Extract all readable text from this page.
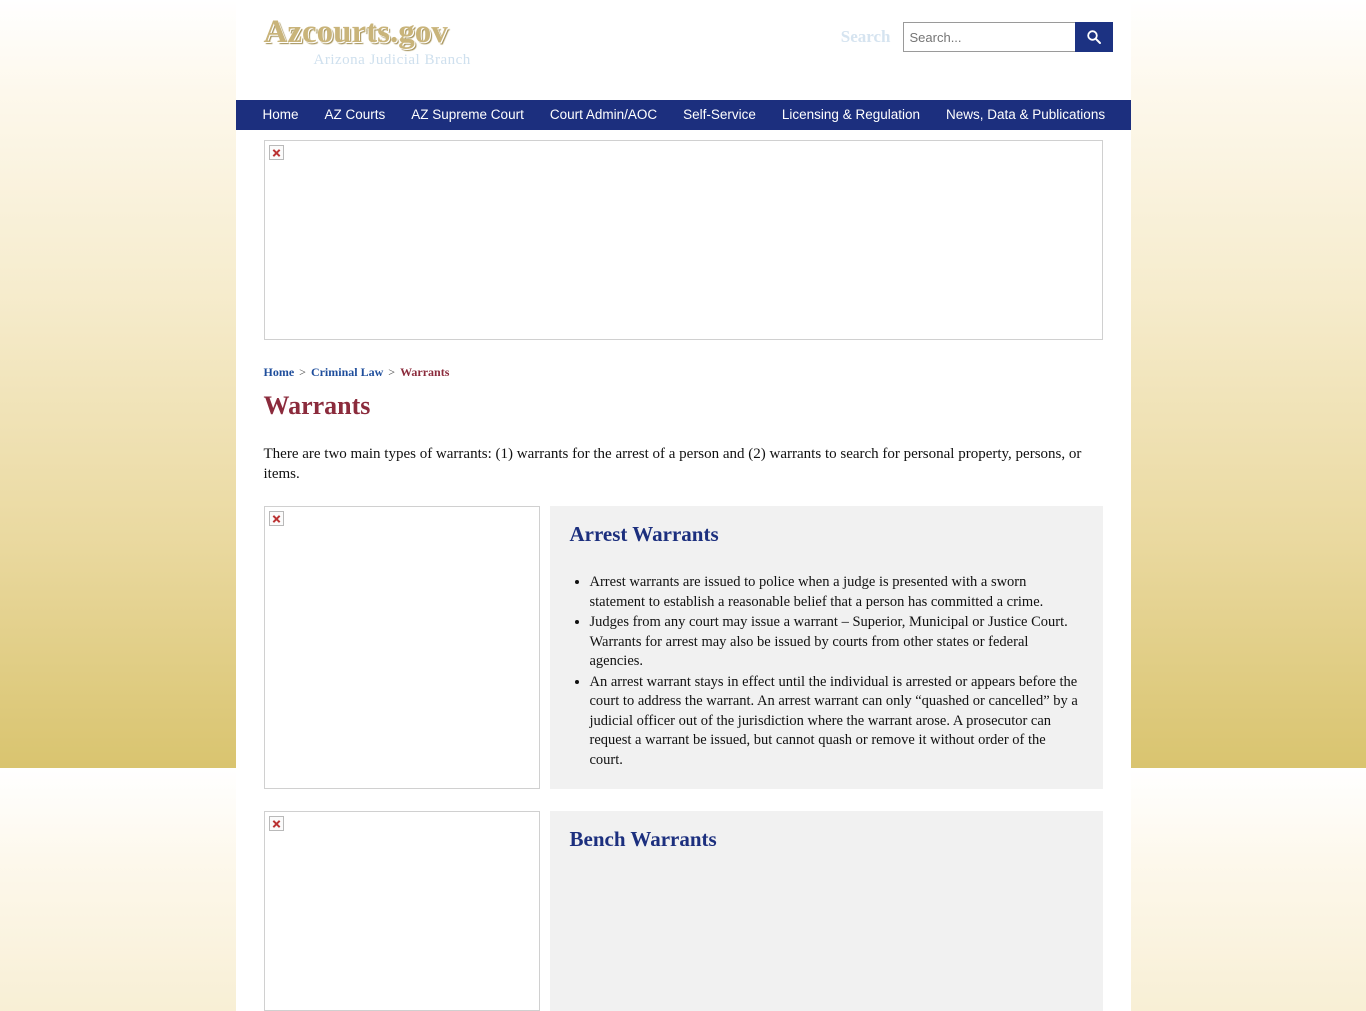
Azcourts.gov
Arizona Judicial Branch
Search
Search...
Home	AZ Courts	AZ Supreme Court	Court Admin/AOC	Self-Service	Licensing & Regulation	News, Data & Publications
Home > Criminal Law > Warrants
Warrants
There are two main types of warrants: (1) warrants for the arrest of a person and (2) warrants to search for personal property, persons, or items.
Arrest Warrants
• Arrest warrants are issued to police when a judge is presented with a sworn statement to establish a reasonable belief that a person has committed a crime.
• Judges from any court may issue a warrant – Superior, Municipal or Justice Court. Warrants for arrest may also be issued by courts from other states or federal agencies.
• An arrest warrant stays in effect until the individual is arrested or appears before the court to address the warrant. An arrest warrant can only “quashed or cancelled” by a judicial officer out of the jurisdiction where the warrant arose. A prosecutor can request a warrant be issued, but cannot quash or remove it without order of the court.
Bench Warrants
